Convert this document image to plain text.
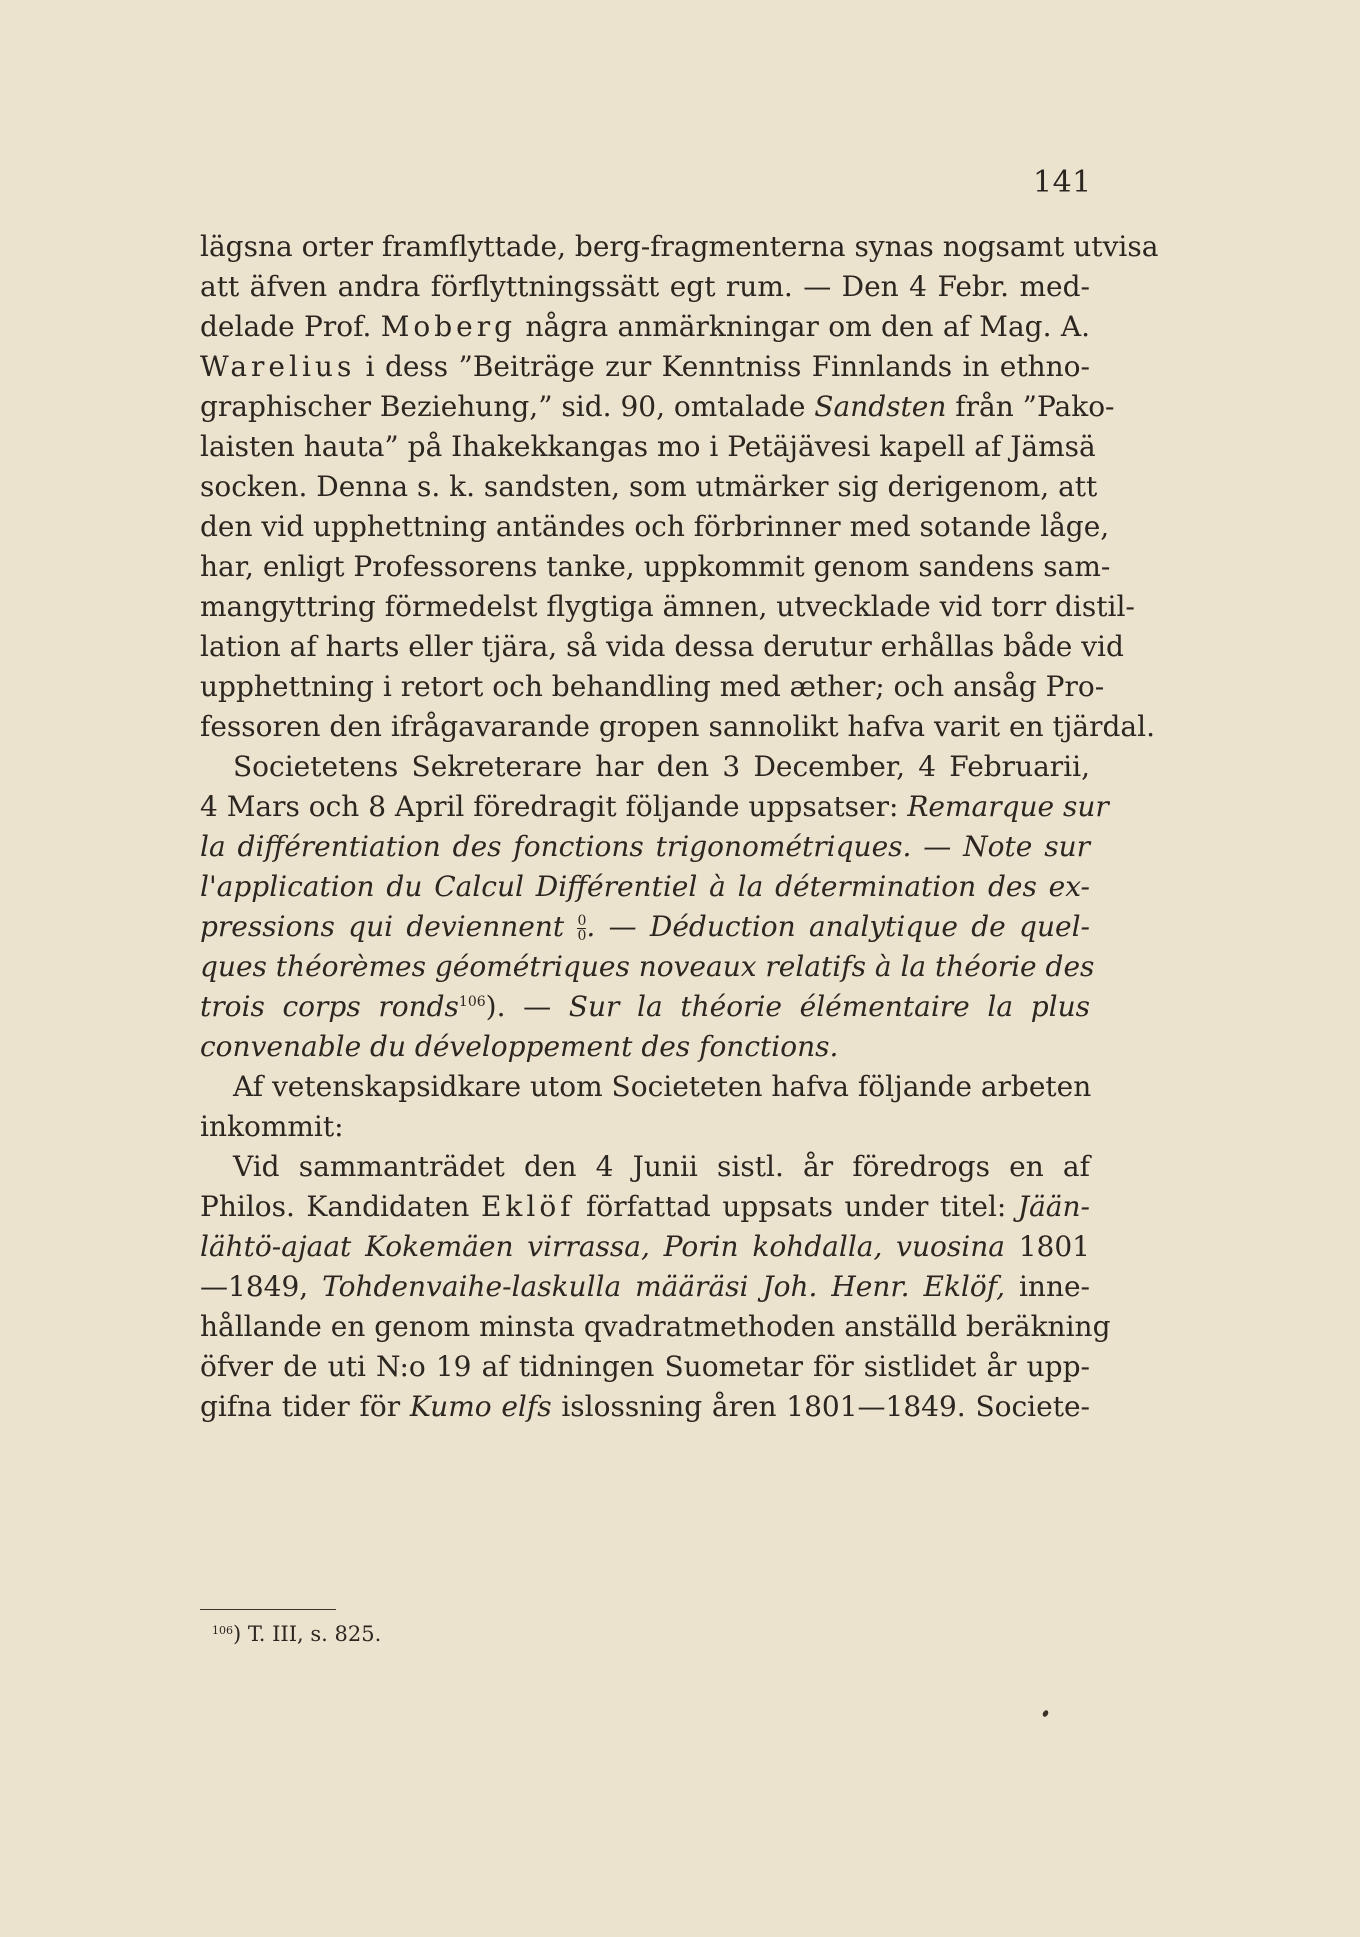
141
lägsna orter framflyttade, berg-fragmenterna synas nogsamt utvisa
att äfven andra förflyttningssätt egt rum. — Den 4 Febr. med-
delade Prof. Moberg några anmärkningar om den af Mag. A.
Warelius i dess ”Beiträge zur Kenntniss Finnlands in ethno-
graphischer Beziehung,” sid. 90, omtalade Sandsten från ”Pako-
laisten hauta” på Ihakekkangas mo i Petäjävesi kapell af Jämsä
socken. Denna s. k. sandsten, som utmärker sig derigenom, att
den vid upphettning antändes och förbrinner med sotande låge,
har, enligt Professorens tanke, uppkommit genom sandens sam-
mangyttring förmedelst flygtiga ämnen, utvecklade vid torr distil-
lation af harts eller tjära, så vida dessa derutur erhållas både vid
upphettning i retort och behandling med æther; och ansåg Pro-
fessoren den ifrågavarande gropen sannolikt hafva varit en tjärdal.
Societetens Sekreterare har den 3 December, 4 Februarii,
4 Mars och 8 April föredragit följande uppsatser: Remarque sur
la différentiation des fonctions trigonométriques. — Note sur
l'application du Calcul Différentiel à la détermination des ex-
pressions qui deviennent $\frac{0}{0}$ . — Déduction analytique de quel-
ques théorèmes géométriques noveaux relatifs à la théorie des
trois corps ronds$^{106}$). — Sur la théorie élémentaire la plus
convenable du développement des fonctions.
Af vetenskapsidkare utom Societeten hafva följande arbeten
inkommit:
Vid sammanträdet den 4 Junii sistl. år föredrogs en af
Philos. Kandidaten Eklöf författad uppsats under titel: Jään-
lähtö-ajaat Kokemäen virrassa, Porin kohdalla, vuosina 1801
—1849, Tohdenvaihe-laskulla määräsi Joh. Henr. Eklöf, inne-
hållande en genom minsta qvadratmethoden anställd beräkning
öfver de uti N:o 19 af tidningen Suometar för sistlidet år upp-
gifna tider för Kumo elfs islossning åren 1801—1849. Societe-
$^{106}$) T. III, s. 825.
